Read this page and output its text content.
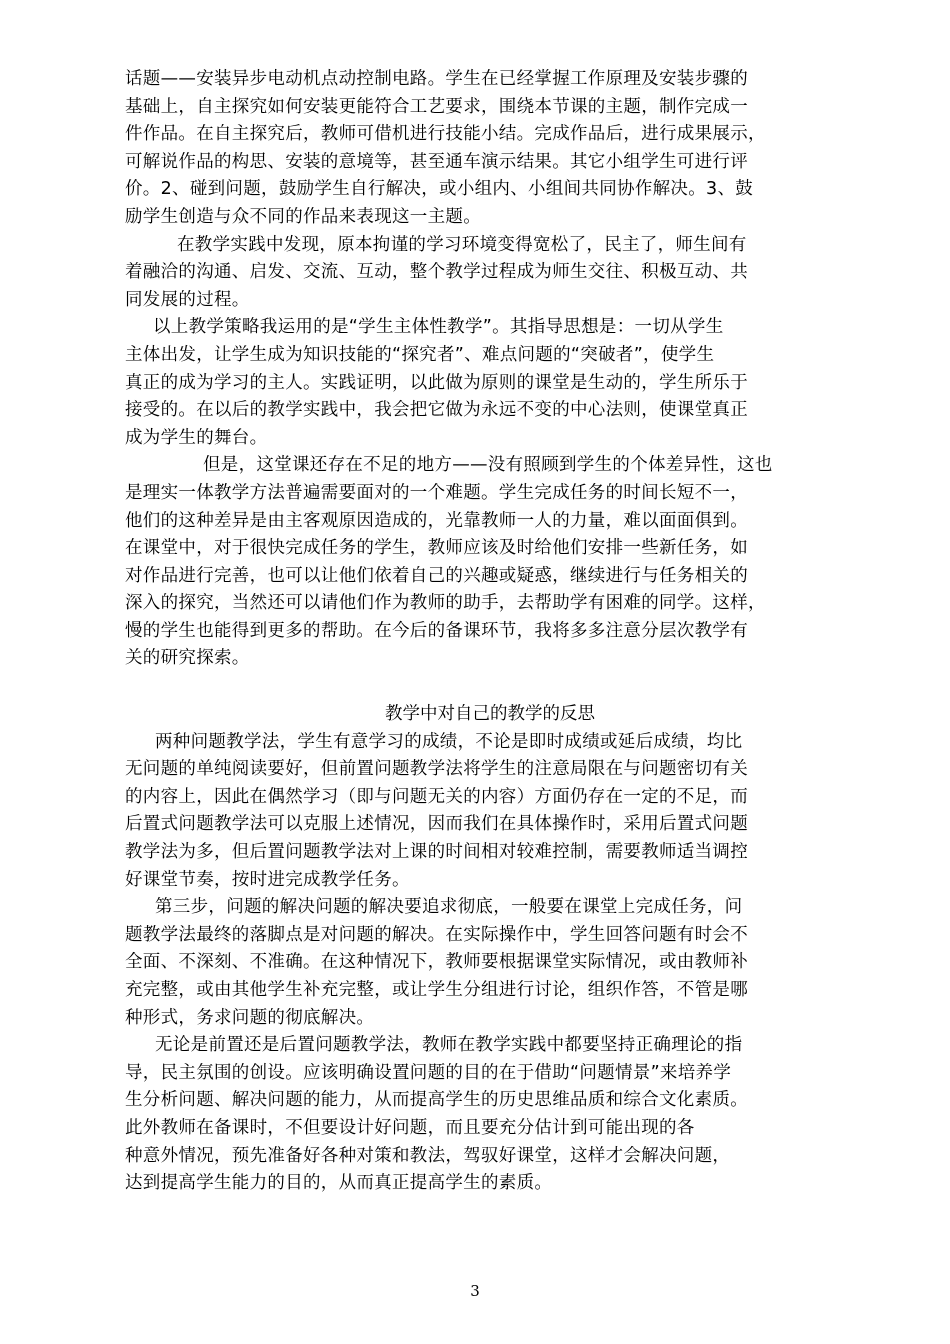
话题——安装异步电动机点动控制电路。学生在已经掌握工作原理及安装步骤的
基础上，自主探究如何安装更能符合工艺要求，围绕本节课的主题，制作完成一
件作品。在自主探究后，教师可借机进行技能小结。完成作品后，进行成果展示，
可解说作品的构思、安装的意境等，甚至通车演示结果。其它小组学生可进行评
价。2、碰到问题，鼓励学生自行解决，或小组内、小组间共同协作解决。3、鼓
励学生创造与众不同的作品来表现这一主题。
在教学实践中发现，原本拘谨的学习环境变得宽松了，民主了，师生间有
着融洽的沟通、启发、交流、互动，整个教学过程成为师生交往、积极互动、共
同发展的过程。
以上教学策略我运用的是“学生主体性教学”。其指导思想是：一切从学生
主体出发，让学生成为知识技能的“探究者”、难点问题的“突破者”，使学生
真正的成为学习的主人。实践证明，以此做为原则的课堂是生动的，学生所乐于
接受的。在以后的教学实践中，我会把它做为永远不变的中心法则，使课堂真正
成为学生的舞台。
但是，这堂课还存在不足的地方——没有照顾到学生的个体差异性，这也
是理实一体教学方法普遍需要面对的一个难题。学生完成任务的时间长短不一，
他们的这种差异是由主客观原因造成的，光靠教师一人的力量，难以面面俱到。
在课堂中，对于很快完成任务的学生，教师应该及时给他们安排一些新任务，如
对作品进行完善，也可以让他们依着自己的兴趣或疑惑，继续进行与任务相关的
深入的探究，当然还可以请他们作为教师的助手，去帮助学有困难的同学。这样，
慢的学生也能得到更多的帮助。在今后的备课环节，我将多多注意分层次教学有
关的研究探索。
教学中对自己的教学的反思
两种问题教学法，学生有意学习的成绩，不论是即时成绩或延后成绩，均比
无问题的单纯阅读要好，但前置问题教学法将学生的注意局限在与问题密切有关
的内容上，因此在偶然学习（即与问题无关的内容）方面仍存在一定的不足，而
后置式问题教学法可以克服上述情况，因而我们在具体操作时，采用后置式问题
教学法为多，但后置问题教学法对上课的时间相对较难控制，需要教师适当调控
好课堂节奏，按时进完成教学任务。
第三步，问题的解决问题的解决要追求彻底，一般要在课堂上完成任务，问
题教学法最终的落脚点是对问题的解决。在实际操作中，学生回答问题有时会不
全面、不深刻、不准确。在这种情况下，教师要根据课堂实际情况，或由教师补
充完整，或由其他学生补充完整，或让学生分组进行讨论，组织作答，不管是哪
种形式，务求问题的彻底解决。
无论是前置还是后置问题教学法，教师在教学实践中都要坚持正确理论的指
导，民主氛围的创设。应该明确设置问题的目的在于借助“问题情景”来培养学
生分析问题、解决问题的能力，从而提高学生的历史思维品质和综合文化素质。
此外教师在备课时，不但要设计好问题，而且要充分估计到可能出现的各
种意外情况，预先准备好各种对策和教法，驾驭好课堂，这样才会解决问题，
达到提高学生能力的目的，从而真正提高学生的素质。
3
